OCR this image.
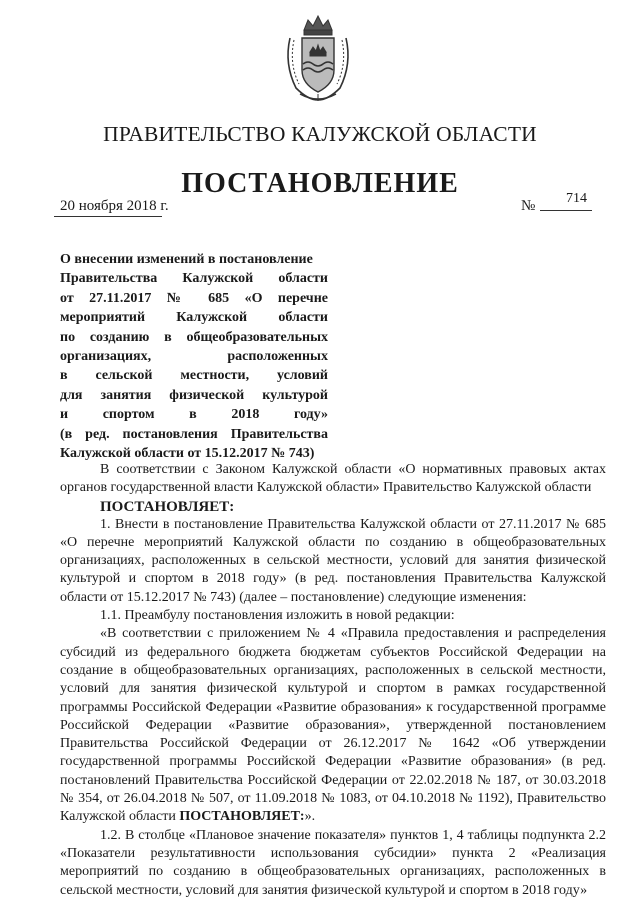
ПРАВИТЕЛЬСТВО КАЛУЖСКОЙ ОБЛАСТИ
ПОСТАНОВЛЕНИЕ
20 ноября 2018 г.	№ 714
О внесении изменений в постановление
Правительства Калужской области
от 27.11.2017 № 685 «О перечне
мероприятий Калужской области
по созданию в общеобразовательных
организациях, расположенных
в сельской местности, условий
для занятия физической культурой
и спортом в 2018 году»
(в ред. постановления Правительства
Калужской области от 15.12.2017 № 743)

В соответствии с Законом Калужской области «О нормативных правовых актах органов государственной власти Калужской области» Правительство Калужской области
ПОСТАНОВЛЯЕТ:

1. Внести в постановление Правительства Калужской области от 27.11.2017 № 685 «О перечне мероприятий Калужской области по созданию в общеобразовательных организациях, расположенных в сельской местности, условий для занятия физической культурой и спортом в 2018 году» (в ред. постановления Правительства Калужской области от 15.12.2017 № 743) (далее – постановление) следующие изменения:

1.1. Преамбулу постановления изложить в новой редакции:

«В соответствии с приложением № 4 «Правила предоставления и распределения субсидий из федерального бюджета бюджетам субъектов Российской Федерации на создание в общеобразовательных организациях, расположенных в сельской местности, условий для занятия физической культурой и спортом в рамках государственной программы Российской Федерации «Развитие образования» к государственной программе Российской Федерации «Развитие образования», утвержденной постановлением Правительства Российской Федерации от 26.12.2017 № 1642 «Об утверждении государственной программы Российской Федерации «Развитие образования» (в ред. постановлений Правительства Российской Федерации от 22.02.2018 № 187, от 30.03.2018 № 354, от 26.04.2018 № 507, от 11.09.2018 № 1083, от 04.10.2018 № 1192), Правительство Калужской области ПОСТАНОВЛЯЕТ:».

1.2. В столбце «Плановое значение показателя» пунктов 1, 4 таблицы подпункта 2.2 «Показатели результативности использования субсидии» пункта 2 «Реализация мероприятий по созданию в общеобразовательных организациях, расположенных в сельской местности, условий для занятия физической культурой и спортом в 2018 году»
